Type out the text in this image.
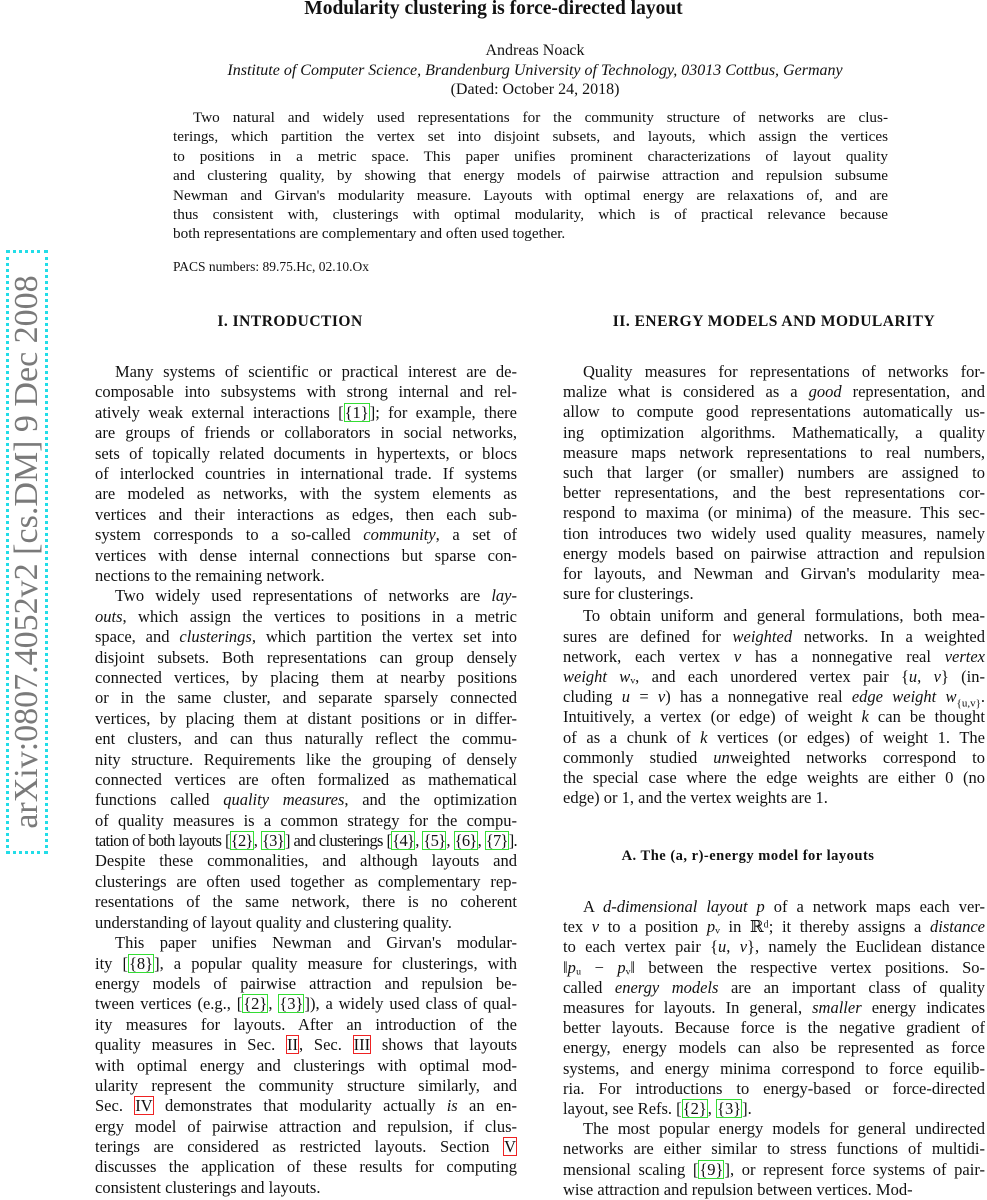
Modularity clustering is force-directed layout
Andreas Noack
Institute of Computer Science, Brandenburg University of Technology, 03013 Cottbus, Germany
(Dated: October 24, 2018)
Two natural and widely used representations for the community structure of networks are clus-
terings, which partition the vertex set into disjoint subsets, and layouts, which assign the vertices
to positions in a metric space. This paper unifies prominent characterizations of layout quality
and clustering quality, by showing that energy models of pairwise attraction and repulsion subsume
Newman and Girvan's modularity measure. Layouts with optimal energy are relaxations of, and are
thus consistent with, clusterings with optimal modularity, which is of practical relevance because
both representations are complementary and often used together.
PACS numbers: 89.75.Hc, 02.10.Ox
I. INTRODUCTION	II. ENERGY MODELS AND MODULARITY
A. The (a, r)-energy model for layouts
Many systems of scientific or practical interest are de-
composable into subsystems with strong internal and rel-
atively weak external interactions [{1}]; for example, there
are groups of friends or collaborators in social networks,
sets of topically related documents in hypertexts, or blocs
of interlocked countries in international trade. If systems
are modeled as networks, with the system elements as
vertices and their interactions as edges, then each sub-
system corresponds to a so-called community, a set of
vertices with dense internal connections but sparse con-
nections to the remaining network.
Two widely used representations of networks are lay-
outs, which assign the vertices to positions in a metric
space, and clusterings, which partition the vertex set into
disjoint subsets. Both representations can group densely
connected vertices, by placing them at nearby positions
or in the same cluster, and separate sparsely connected
vertices, by placing them at distant positions or in differ-
ent clusters, and can thus naturally reflect the commu-
nity structure. Requirements like the grouping of densely
connected vertices are often formalized as mathematical
functions called quality measures, and the optimization
of quality measures is a common strategy for the compu-
tation of both layouts [{2}, {3}] and clusterings [{4}, {5}, {6}, {7}].
Despite these commonalities, and although layouts and
clusterings are often used together as complementary rep-
resentations of the same network, there is no coherent
understanding of layout quality and clustering quality.
This paper unifies Newman and Girvan's modular-
ity [{8}], a popular quality measure for clusterings, with
energy models of pairwise attraction and repulsion be-
tween vertices (e.g., [{2}, {3}]), a widely used class of qual-
ity measures for layouts. After an introduction of the
quality measures in Sec. II, Sec. III shows that layouts
with optimal energy and clusterings with optimal mod-
ularity represent the community structure similarly, and
Sec. IV demonstrates that modularity actually is an en-
ergy model of pairwise attraction and repulsion, if clus-
terings are considered as restricted layouts. Section V
discusses the application of these results for computing
consistent clusterings and layouts.
Quality measures for representations of networks for-
malize what is considered as a good representation, and
allow to compute good representations automatically us-
ing optimization algorithms. Mathematically, a quality
measure maps network representations to real numbers,
such that larger (or smaller) numbers are assigned to
better representations, and the best representations cor-
respond to maxima (or minima) of the measure. This sec-
tion introduces two widely used quality measures, namely
energy models based on pairwise attraction and repulsion
for layouts, and Newman and Girvan's modularity mea-
sure for clusterings.
To obtain uniform and general formulations, both mea-
sures are defined for weighted networks. In a weighted
network, each vertex v has a nonnegative real vertex
weight wᵥ, and each unordered vertex pair {u, v} (in-
cluding u = v) has a nonnegative real edge weight $w_{\{u,v\}}$.
Intuitively, a vertex (or edge) of weight k can be thought
of as a chunk of k vertices (or edges) of weight 1. The
commonly studied unweighted networks correspond to
the special case where the edge weights are either 0 (no
edge) or 1, and the vertex weights are 1.
A d-dimensional layout p of a network maps each ver-
tex v to a position pᵥ in ℝᵈ; it thereby assigns a distance
to each vertex pair {u, v}, namely the Euclidean distance
‖pᵤ − pᵥ‖ between the respective vertex positions. So-
called energy models are an important class of quality
measures for layouts. In general, smaller energy indicates
better layouts. Because force is the negative gradient of
energy, energy models can also be represented as force
systems, and energy minima correspond to force equilib-
ria. For introductions to energy-based or force-directed
layout, see Refs. [{2}, {3}].
The most popular energy models for general undirected
networks are either similar to stress functions of multidi-
mensional scaling [{9}], or represent force systems of pair-
wise attraction and repulsion between vertices. Mod-
arXiv:0807.4052v2 [cs.DM] 9 Dec 2008
